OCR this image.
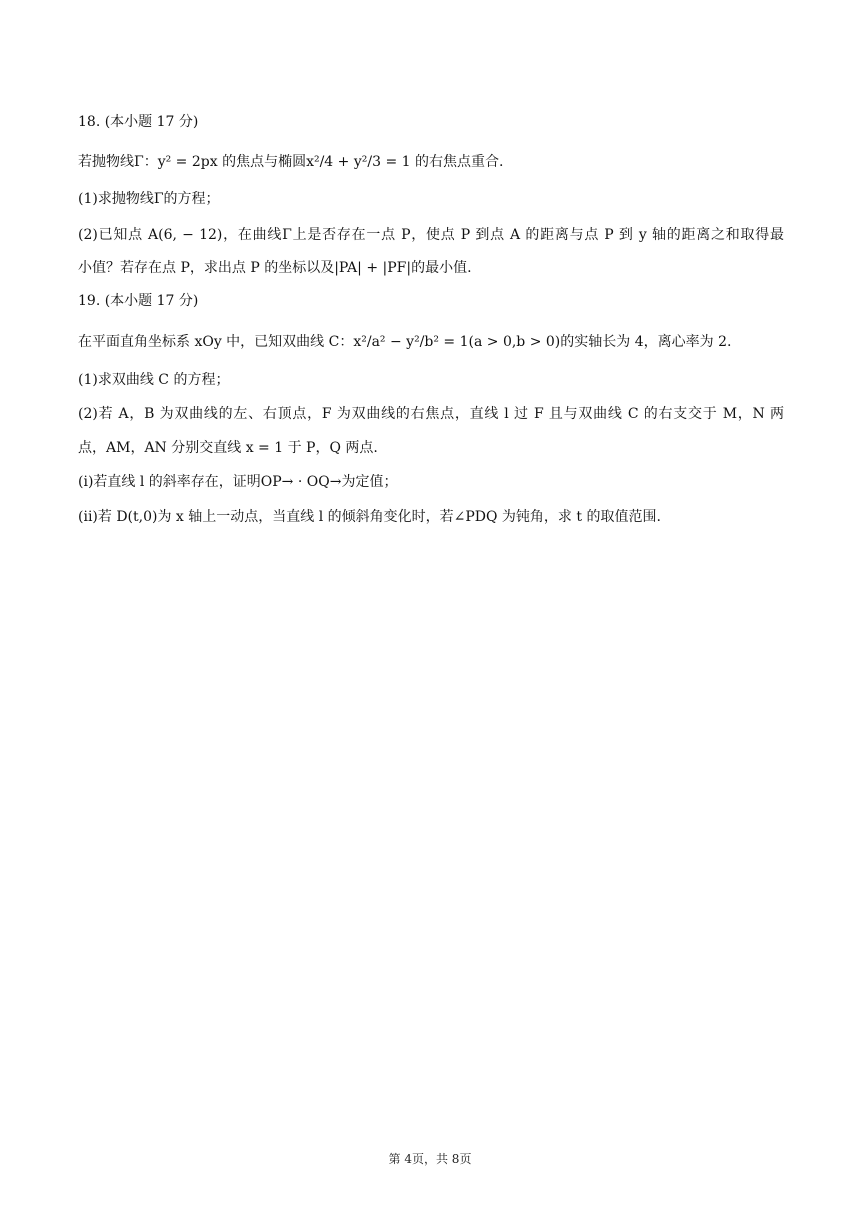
18. (本小题 17 分)
若抛物线Γ：y² = 2px 的焦点与椭圆x²/4 + y²/3 = 1 的右焦点重合.
(1)求抛物线Γ的方程；
(2)已知点 A(6, − 12)，在曲线Γ上是否存在一点 P，使点 P 到点 A 的距离与点 P 到 y 轴的距离之和取得最
小值？若存在点 P，求出点 P 的坐标以及|PA| + |PF|的最小值.
19. (本小题 17 分)
在平面直角坐标系 xOy 中，已知双曲线 C：x²/a² − y²/b² = 1(a > 0,b > 0)的实轴长为 4，离心率为 2.
(1)求双曲线 C 的方程；
(2)若 A，B 为双曲线的左、右顶点，F 为双曲线的右焦点，直线 l 过 F 且与双曲线 C 的右支交于 M，N 两
点，AM，AN 分别交直线 x = 1 于 P，Q 两点.
(i)若直线 l 的斜率存在，证明OP→ · OQ→为定值；
(ii)若 D(t,0)为 x 轴上一动点，当直线 l 的倾斜角变化时，若∠PDQ 为钝角，求 t 的取值范围.
第 4页，共 8页
